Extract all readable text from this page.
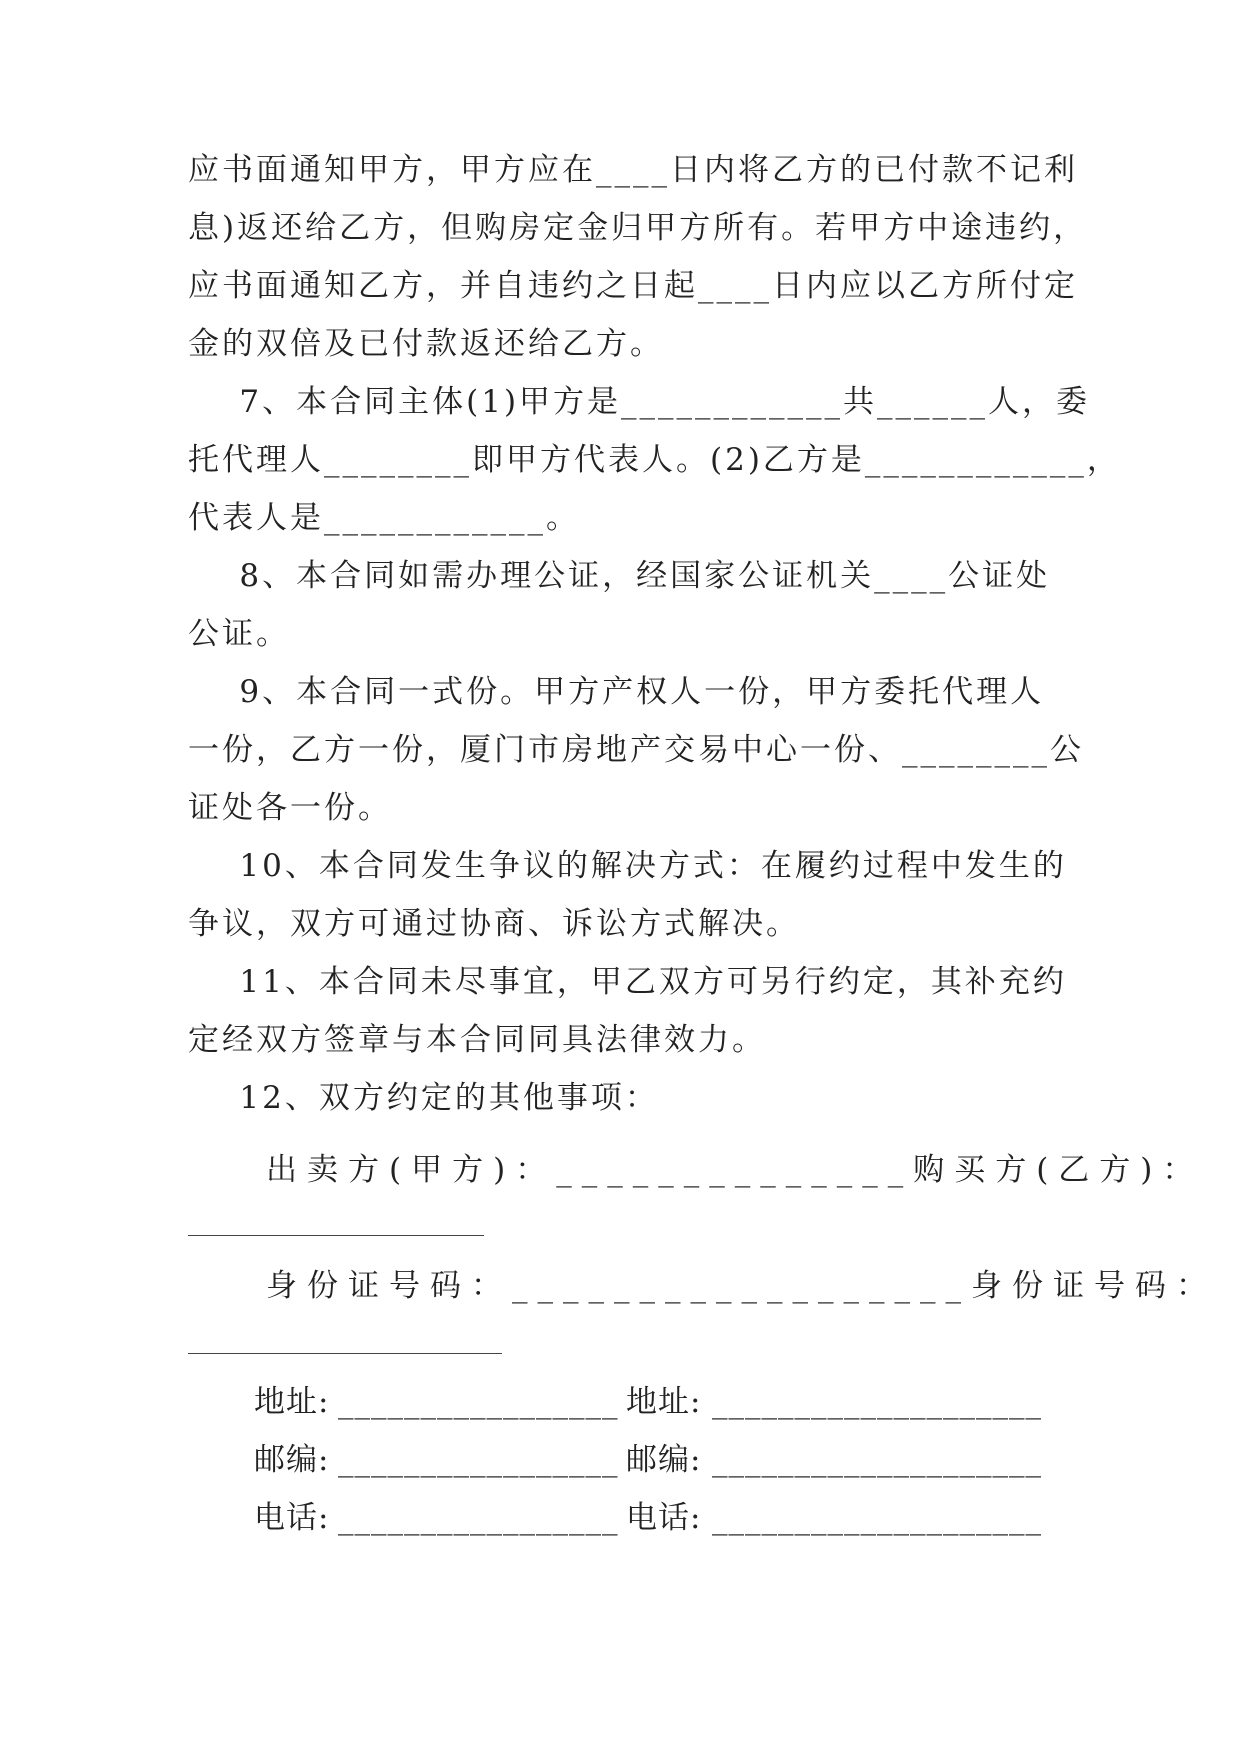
应书面通知甲方，甲方应在____日内将乙方的已付款不记利
息)返还给乙方，但购房定金归甲方所有。若甲方中途违约，
应书面通知乙方，并自违约之日起____日内应以乙方所付定
金的双倍及已付款返还给乙方。
7、本合同主体(1)甲方是____________共______人，委
托代理人________即甲方代表人。(2)乙方是____________，
代表人是____________。
8、本合同如需办理公证，经国家公证机关____公证处
公证。
9、本合同一式份。甲方产权人一份，甲方委托代理人
一份，乙方一份，厦门市房地产交易中心一份、________公
证处各一份。
10、本合同发生争议的解决方式：在履约过程中发生的
争议，双方可通过协商、诉讼方式解决。
11、本合同未尽事宜，甲乙双方可另行约定，其补充约
定经双方签章与本合同同具法律效力。
12、双方约定的其他事项：
出卖方(甲方)：______________购买方(乙方)：
身份证号码：__________________身份证号码：
地址: _________________ 地址: ____________________
邮编: _________________ 邮编: ____________________
电话: _________________ 电话: ____________________
